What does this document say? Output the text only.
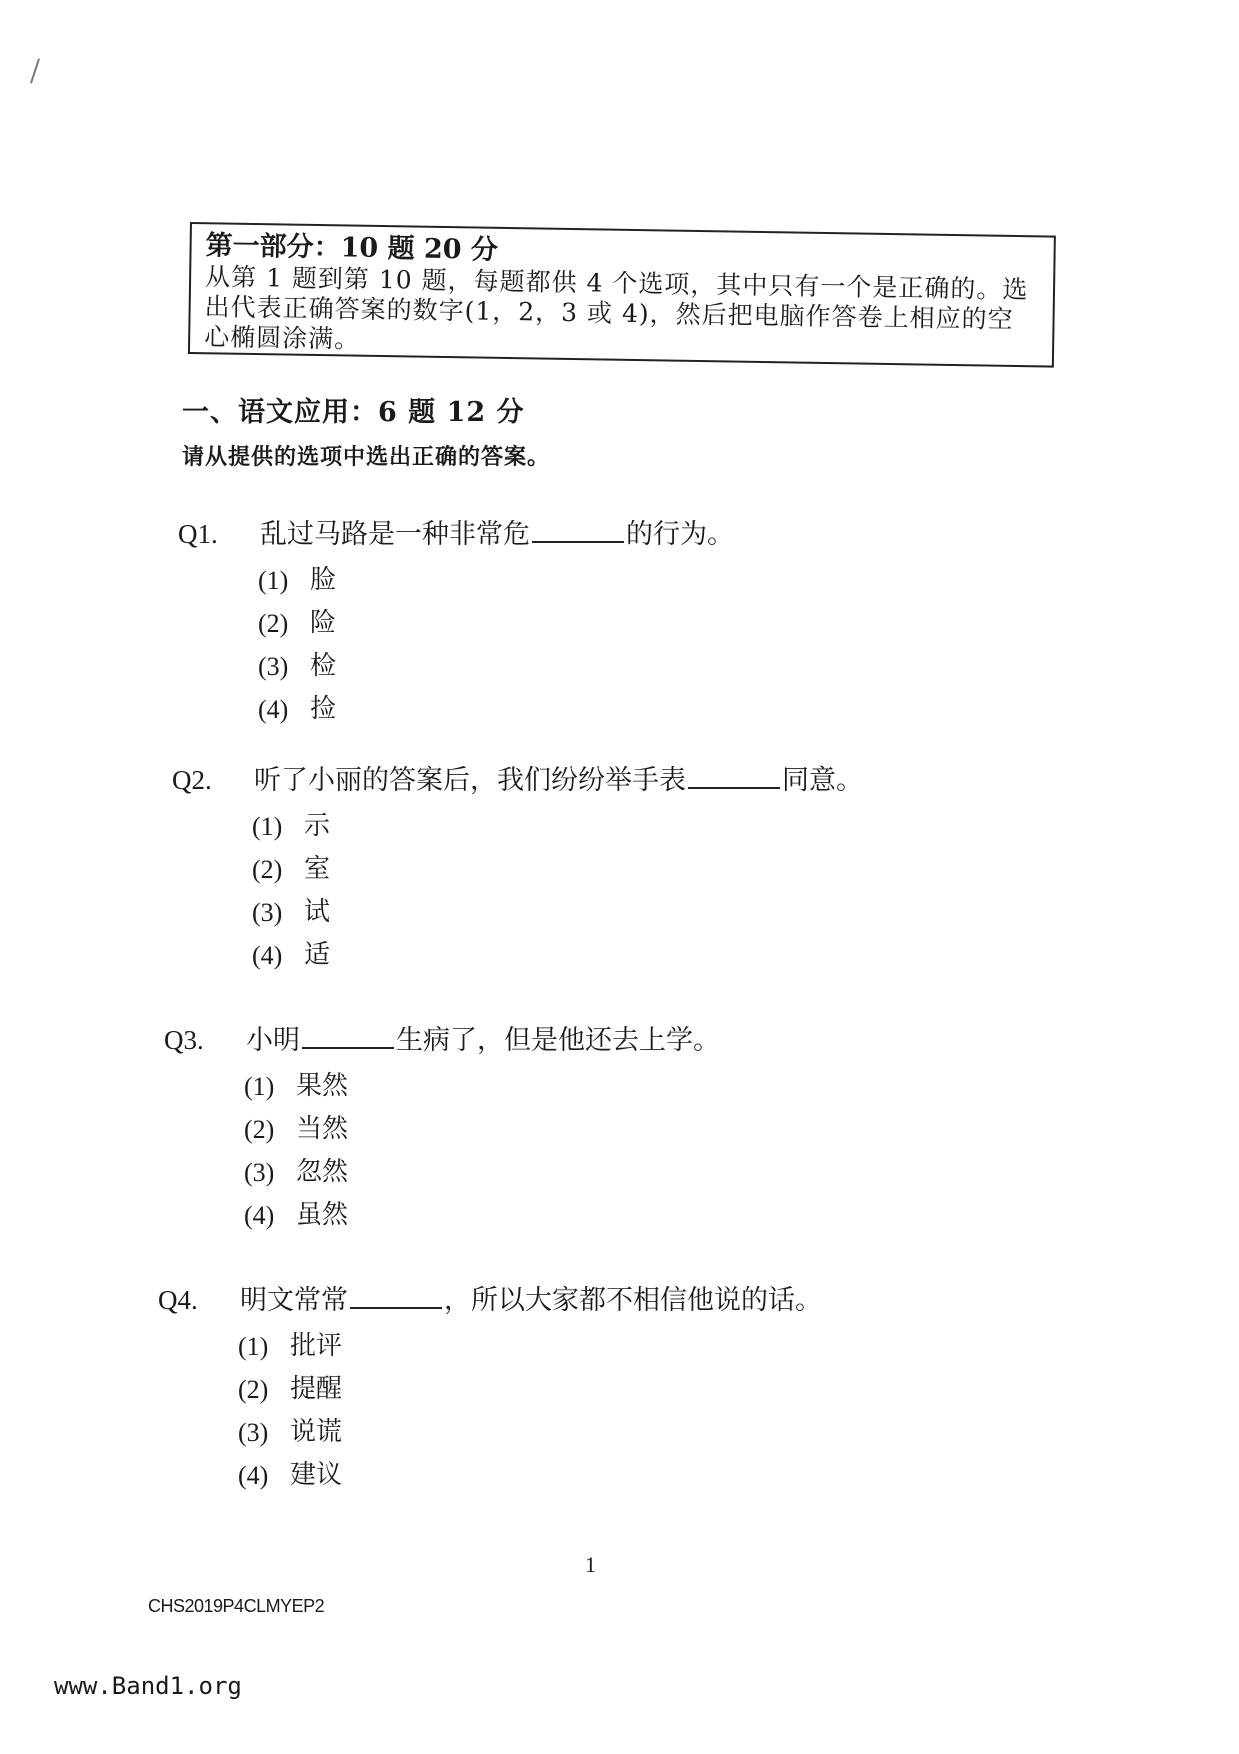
第一部分：10 题 20 分
从第 1 题到第 10 题，每题都供 4 个选项，其中只有一个是正确的。选出代表正确答案的数字(1，2，3 或 4)，然后把电脑作答卷上相应的空心椭圆涂满。
一、语文应用：6 题 12 分
请从提供的选项中选出正确的答案。
Q1.	乱过马路是一种非常危	的行为。
(1) 脸
(2) 险
(3) 检
(4) 捡
Q2.	听了小丽的答案后，我们纷纷举手表	同意。
(1) 示
(2) 室
(3) 试
(4) 适
Q3.	小明	生病了，但是他还去上学。
(1) 果然
(2) 当然
(3) 忽然
(4) 虽然
Q4.	明文常常	，所以大家都不相信他说的话。
(1) 批评
(2) 提醒
(3) 说谎
(4) 建议
1
CHS2019P4CLMYEP2
www.Band1.org
